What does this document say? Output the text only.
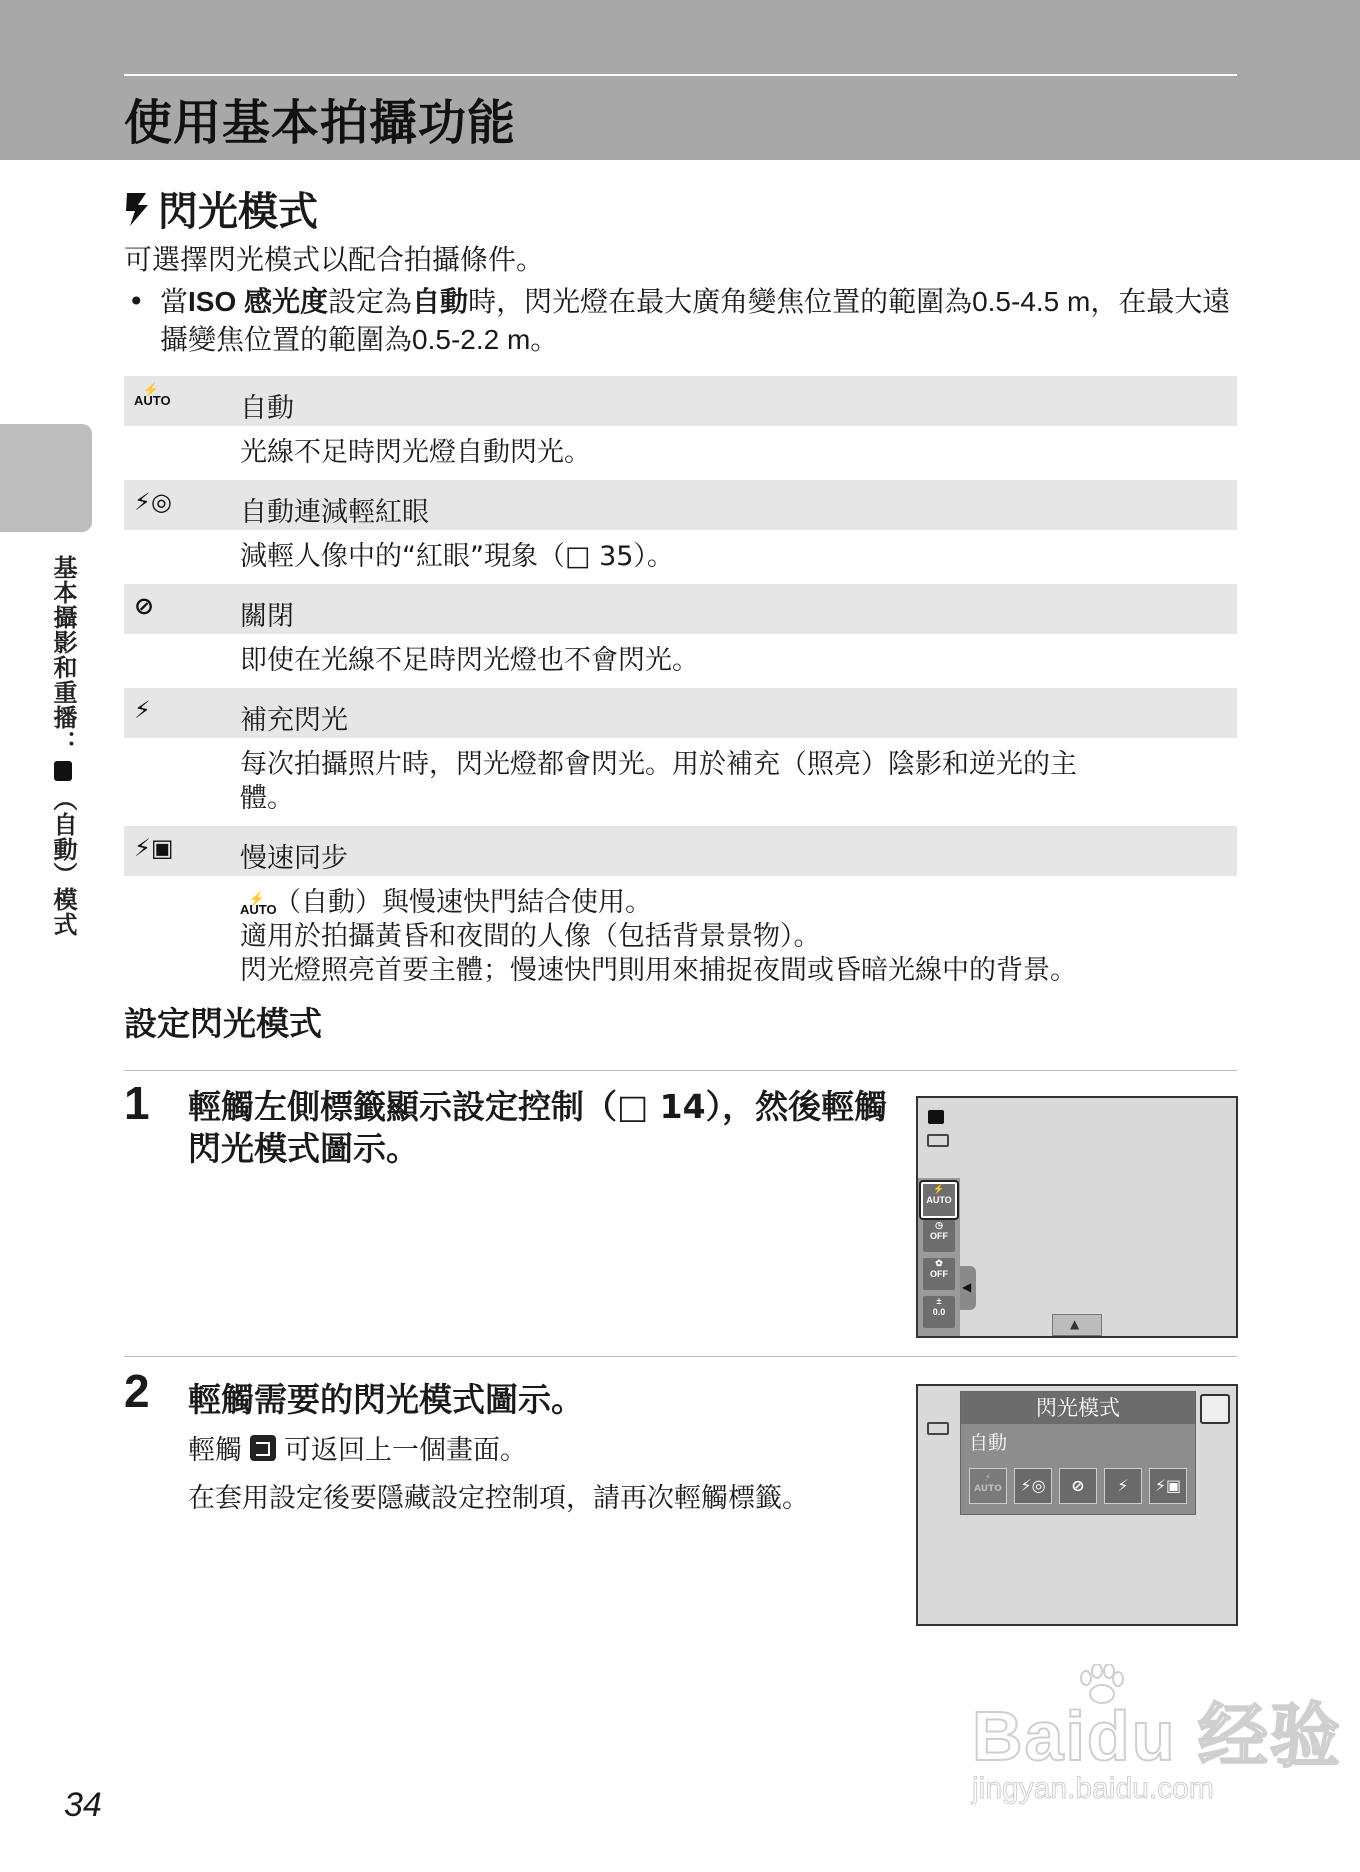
使用基本拍攝功能
基本攝影和重播：（自動）模式
閃光模式
可選擇閃光模式以配合拍攝條件。
• 當ISO 感光度設定為自動時，閃光燈在最大廣角變焦位置的範圍為0.5-4.5 m，在最大遠攝變焦位置的範圍為0.5-2.2 m。
⚡
AUTO	自動
光線不足時閃光燈自動閃光。
⚡◎	自動連減輕紅眼
減輕人像中的“紅眼”現象（□ 35）。
⊘	關閉
即使在光線不足時閃光燈也不會閃光。
⚡	補充閃光
每次拍攝照片時，閃光燈都會閃光。用於補充（照亮）陰影和逆光的主體。
⚡▣	慢速同步
⚡
AUTO（自動）與慢速快門結合使用。
適用於拍攝黃昏和夜間的人像（包括背景景物）。
閃光燈照亮首要主體；慢速快門則用來捕捉夜間或昏暗光線中的背景。
設定閃光模式
1 輕觸左側標籤顯示設定控制（□ 14），然後輕觸閃光模式圖示。
⚡
AUTO
◷
OFF
✿
OFF
±
0.0
◀
▲
2 輕觸需要的閃光模式圖示。
輕觸 可返回上一個畫面。
在套用設定後要隱藏設定控制項，請再次輕觸標籤。
閃光模式
自動
⚡
AUTO	⚡◎	⊘	⚡	⚡▣
34
Baidu 经验
jingyan.baidu.com
